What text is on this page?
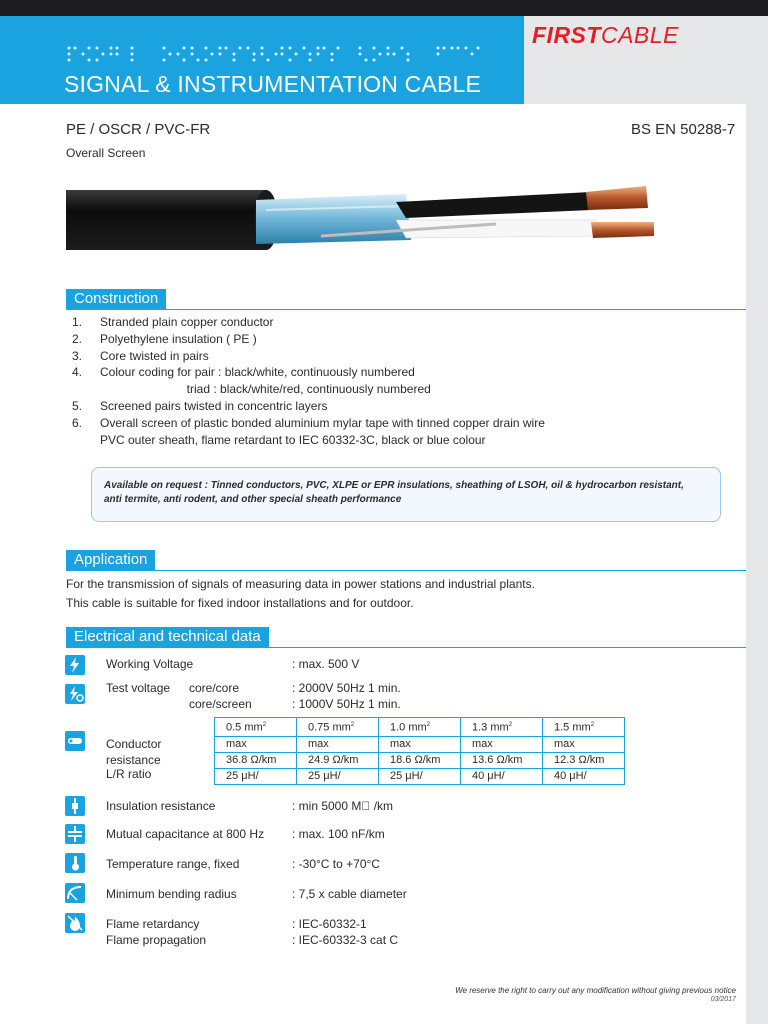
SIGNAL & INSTRUMENTATION CABLE
FIRSTCABLE
PE / OSCR / PVC-FR	BS EN 50288-7
Overall Screen
Construction
1.	Stranded plain copper conductor
2.	Polyethylene insulation ( PE )
3.	Core twisted in pairs
4.	Colour coding for pair : black/white, continuously numbered
triad : black/white/red, continuously numbered
5.	Screened pairs twisted in concentric layers
6.	Overall screen of plastic bonded aluminium mylar tape with tinned copper drain wire
PVC outer sheath, flame retardant to IEC 60332-3C, black or blue colour
Available on request : Tinned conductors, PVC, XLPE or EPR insulations, sheathing of LSOH, oil & hydrocarbon resistant,
anti termite, anti rodent, and other special sheath performance
Application
For the transmission of signals of measuring data in power stations and industrial plants.
This cable is suitable for fixed indoor installations and for outdoor.
Electrical and technical data
Working Voltage	: max. 500 V
Test voltage core/core	: 2000V 50Hz 1 min.
core/screen	: 1000V 50Hz 1 min.
Conductor
resistance
L/R ratio
0.5 $mm^2$	0.75 $mm^2$	1.0 $mm^2$	1.3 $mm^2$	1.5 $mm^2$
max	max	max	max	max
36.8 Ω/km	24.9 Ω/km	18.6 Ω/km	13.6 Ω/km	12.3 Ω/km
25 μH/	25 μH/	25 μH/	40 μH/	40 μH/
Insulation resistance	: min 5000 M  /km
Mutual capacitance at 800 Hz : max. 100 nF/km
Temperature range, fixed	: -30°C to +70°C
Minimum bending radius	: 7,5 x cable diameter
Flame retardancy	: IEC-60332-1
Flame propagation	: IEC-60332-3 cat C
We reserve the right to carry out any modification without giving previous notice
03/2017
